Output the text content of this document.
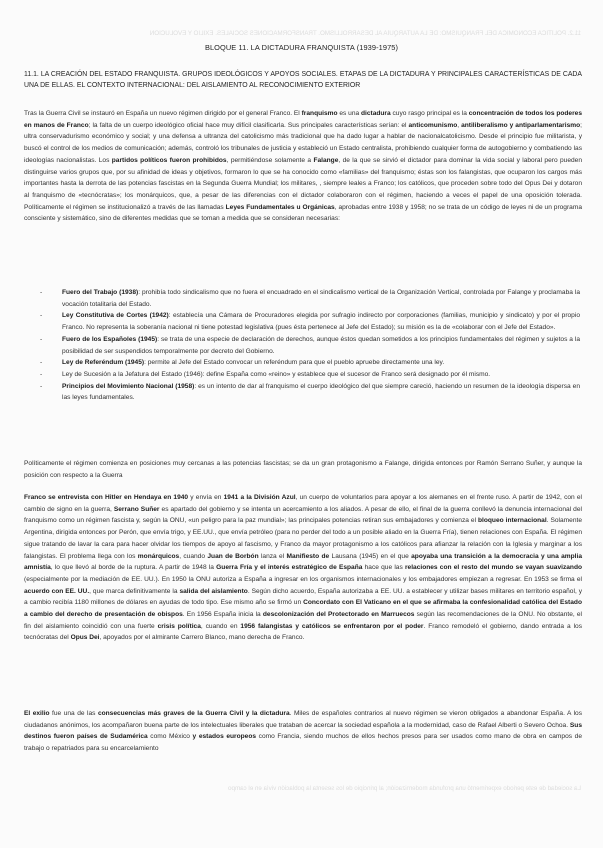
11.2. POLÍTICA ECONÓMICA DEL FRANQUISMO: DE LA AUTARQUÍA AL DESARROLLISMO. TRANSFORMACIONES SOCIALES. EXILIO Y EVOLUCIÓN
La sociedad de este periodo experimentó una profunda modernización; al principio de los sesenta la población vivía en el campo
BLOQUE 11. LA DICTADURA FRANQUISTA (1939-1975)
11.1. LA CREACIÓN DEL ESTADO FRANQUISTA. GRUPOS IDEOLÓGICOS Y APOYOS SOCIALES. ETAPAS DE LA DICTADURA Y PRINCIPALES CARACTERÍSTICAS DE CADA UNA DE ELLAS. EL CONTEXTO INTERNACIONAL: DEL AISLAMIENTO AL RECONOCIMIENTO EXTERIOR

Tras la Guerra Civil se instauró en España un nuevo régimen dirigido por el general Franco. El franquismo es una dictadura cuyo rasgo principal es la concentración de todos los poderes en manos de Franco; la falta de un cuerpo ideológico oficial hace muy difícil clasificarla. Sus principales características serían: el anticomunismo, antiliberalismo y antiparlamentarismo; ultra conservadurismo económico y social; y una defensa a ultranza del catolicismo más tradicional que ha dado lugar a hablar de nacionalcatolicismo. Desde el principio fue militarista, y buscó el control de los medios de comunicación; además, controló los tribunales de justicia y estableció un Estado centralista, prohibiendo cualquier forma de autogobierno y combatiendo las ideologías nacionalistas. Los partidos políticos fueron prohibidos, permitiéndose solamente a Falange, de la que se sirvió el dictador para dominar la vida social y laboral pero pueden distinguirse varios grupos que, por su afinidad de ideas y objetivos, formaron lo que se ha conocido como «familias» del franquismo; éstas son los falangistas, que ocuparon los cargos más importantes hasta la derrota de las potencias fascistas en la Segunda Guerra Mundial; los militares, , siempre leales a Franco; los católicos, que proceden sobre todo del Opus Dei y dotaron al franquismo de «tecnócratas»; los monárquicos, que, a pesar de las diferencias con el dictador colaboraron con el régimen, haciendo a veces el papel de una oposición tolerada. Políticamente el régimen se institucionalizó a través de las llamadas Leyes Fundamentales u Orgánicas, aprobadas entre 1938 y 1958; no se trata de un código de leyes ni de un programa consciente y sistemático, sino de diferentes medidas que se toman a medida que se consideran necesarias:

-	Fuero del Trabajo (1938): prohibía todo sindicalismo que no fuera el encuadrado en el sindicalismo vertical de la Organización Vertical, controlada por Falange y proclamaba la vocación totalitaria del Estado.
-	Ley Constitutiva de Cortes (1942): establecía una Cámara de Procuradores elegida por sufragio indirecto por corporaciones (familias, municipio y sindicato) y por el propio Franco. No representa la soberanía nacional ni tiene potestad legislativa (pues ésta pertenece al Jefe del Estado); su misión es la de «colaborar con el Jefe del Estado».
-	Fuero de los Españoles (1945): se trata de una especie de declaración de derechos, aunque éstos quedan sometidos a los principios fundamentales del régimen y sujetos a la posibilidad de ser suspendidos temporalmente por decreto del Gobierno.
-	Ley de Referéndum (1945): permite al Jefe del Estado convocar un referéndum para que el pueblo apruebe directamente una ley.
-	Ley de Sucesión a la Jefatura del Estado (1946): define España como «reino» y establece que el sucesor de Franco será designado por él mismo.
-	Principios del Movimiento Nacional (1958): es un intento de dar al franquismo el cuerpo ideológico del que siempre careció, haciendo un resumen de la ideología dispersa en las leyes fundamentales.

Políticamente el régimen comienza en posiciones muy cercanas a las potencias fascistas; se da un gran protagonismo a Falange, dirigida entonces por Ramón Serrano Suñer, y aunque la posición con respecto a la Guerra

Franco se entrevista con Hitler en Hendaya en 1940 y envía en 1941 a la División Azul, un cuerpo de voluntarios para apoyar a los alemanes en el frente ruso. A partir de 1942, con el cambio de signo en la guerra, Serrano Suñer es apartado del gobierno y se intenta un acercamiento a los aliados. A pesar de ello, el final de la guerra conllevó la denuncia internacional del franquismo como un régimen fascista y, según la ONU, «un peligro para la paz mundial»; las principales potencias retiran sus embajadores y comienza el bloqueo internacional. Solamente Argentina, dirigida entonces por Perón, que envía trigo, y EE.UU., que envía petróleo (para no perder del todo a un posible aliado en la Guerra Fría), tienen relaciones con España. El régimen sigue tratando de lavar la cara para hacer olvidar los tiempos de apoyo al fascismo, y Franco da mayor protagonismo a los católicos para afianzar la relación con la Iglesia y marginar a los falangistas. El problema llega con los monárquicos, cuando Juan de Borbón lanza el Manifiesto de Lausana (1945) en el que apoyaba una transición a la democracia y una amplia amnistía, lo que llevó al borde de la ruptura. A partir de 1948 la Guerra Fría y el interés estratégico de España hace que las relaciones con el resto del mundo se vayan suavizando (especialmente por la mediación de EE. UU.). En 1950 la ONU autoriza a España a ingresar en los organismos internacionales y los embajadores empiezan a regresar. En 1953 se firma el acuerdo con EE. UU., que marca definitivamente la salida del aislamiento. Según dicho acuerdo, España autorizaba a EE. UU. a establecer y utilizar bases militares en territorio español, y a cambio recibía 1180 millones de dólares en ayudas de todo tipo. Ese mismo año se firmó un Concordato con El Vaticano en el que se afirmaba la confesionalidad católica del Estado a cambio del derecho de presentación de obispos. En 1956 España inicia la descolonización del Protectorado en Marruecos según las recomendaciones de la ONU. No obstante, el fin del aislamiento coincidió con una fuerte crisis política, cuando en 1956 falangistas y católicos se enfrentaron por el poder. Franco remodeló el gobierno, dando entrada a los tecnócratas del Opus Dei, apoyados por el almirante Carrero Blanco, mano derecha de Franco.

El exilio fue una de las consecuencias más graves de la Guerra Civil y la dictadura. Miles de españoles contrarios al nuevo régimen se vieron obligados a abandonar España. A los ciudadanos anónimos, los acompañaron buena parte de los intelectuales liberales que trataban de acercar la sociedad española a la modernidad, caso de Rafael Alberti o Severo Ochoa. Sus destinos fueron países de Sudamérica como México y estados europeos como Francia, siendo muchos de ellos hechos presos para ser usados como mano de obra en campos de trabajo o repatriados para su encarcelamiento
